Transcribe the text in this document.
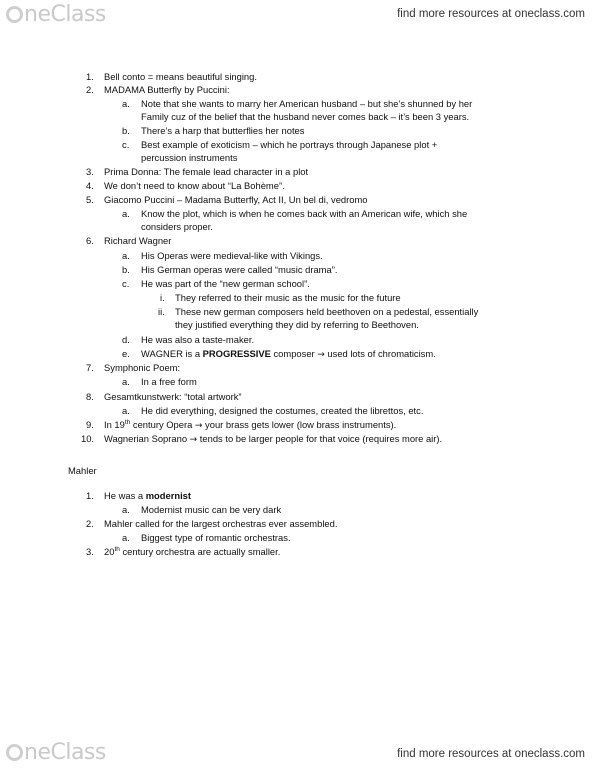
neClass	find more resources at oneclass.com
1. Bell conto = means beautiful singing.
2. MADAMA Butterfly by Puccini:
a. Note that she wants to marry her American husband – but she’s shunned by her
Family cuz of the belief that the husband never comes back – it’s been 3 years.
b. There’s a harp that butterflies her notes
c. Best example of exoticism – which he portrays through Japanese plot +
percussion instruments
3. Prima Donna: The female lead character in a plot
4. We don’t need to know about “La Bohème”.
5. Giacomo Puccini – Madama Butterfly, Act II, Un bel di, vedromo
a. Know the plot, which is when he comes back with an American wife, which she
considers proper.
6. Richard Wagner
a. His Operas were medieval-like with Vikings.
b. His German operas were called “music drama”.
c. He was part of the “new german school”.
i. They referred to their music as the music for the future
ii. These new german composers held beethoven on a pedestal, essentially
they justified everything they did by referring to Beethoven.
d. He was also a taste-maker.
e. WAGNER is a PROGRESSIVE composer → used lots of chromaticism.
7. Symphonic Poem:
a. In a free form
8. Gesamtkunstwerk: “total artwork”
a. He did everything, designed the costumes, created the librettos, etc.
9. In 19th century Opera → your brass gets lower (low brass instruments).
10. Wagnerian Soprano → tends to be larger people for that voice (requires more air).
Mahler
1. He was a modernist
a. Modernist music can be very dark
2. Mahler called for the largest orchestras ever assembled.
a. Biggest type of romantic orchestras.
3. 20th century orchestra are actually smaller.
neClass	find more resources at oneclass.com
